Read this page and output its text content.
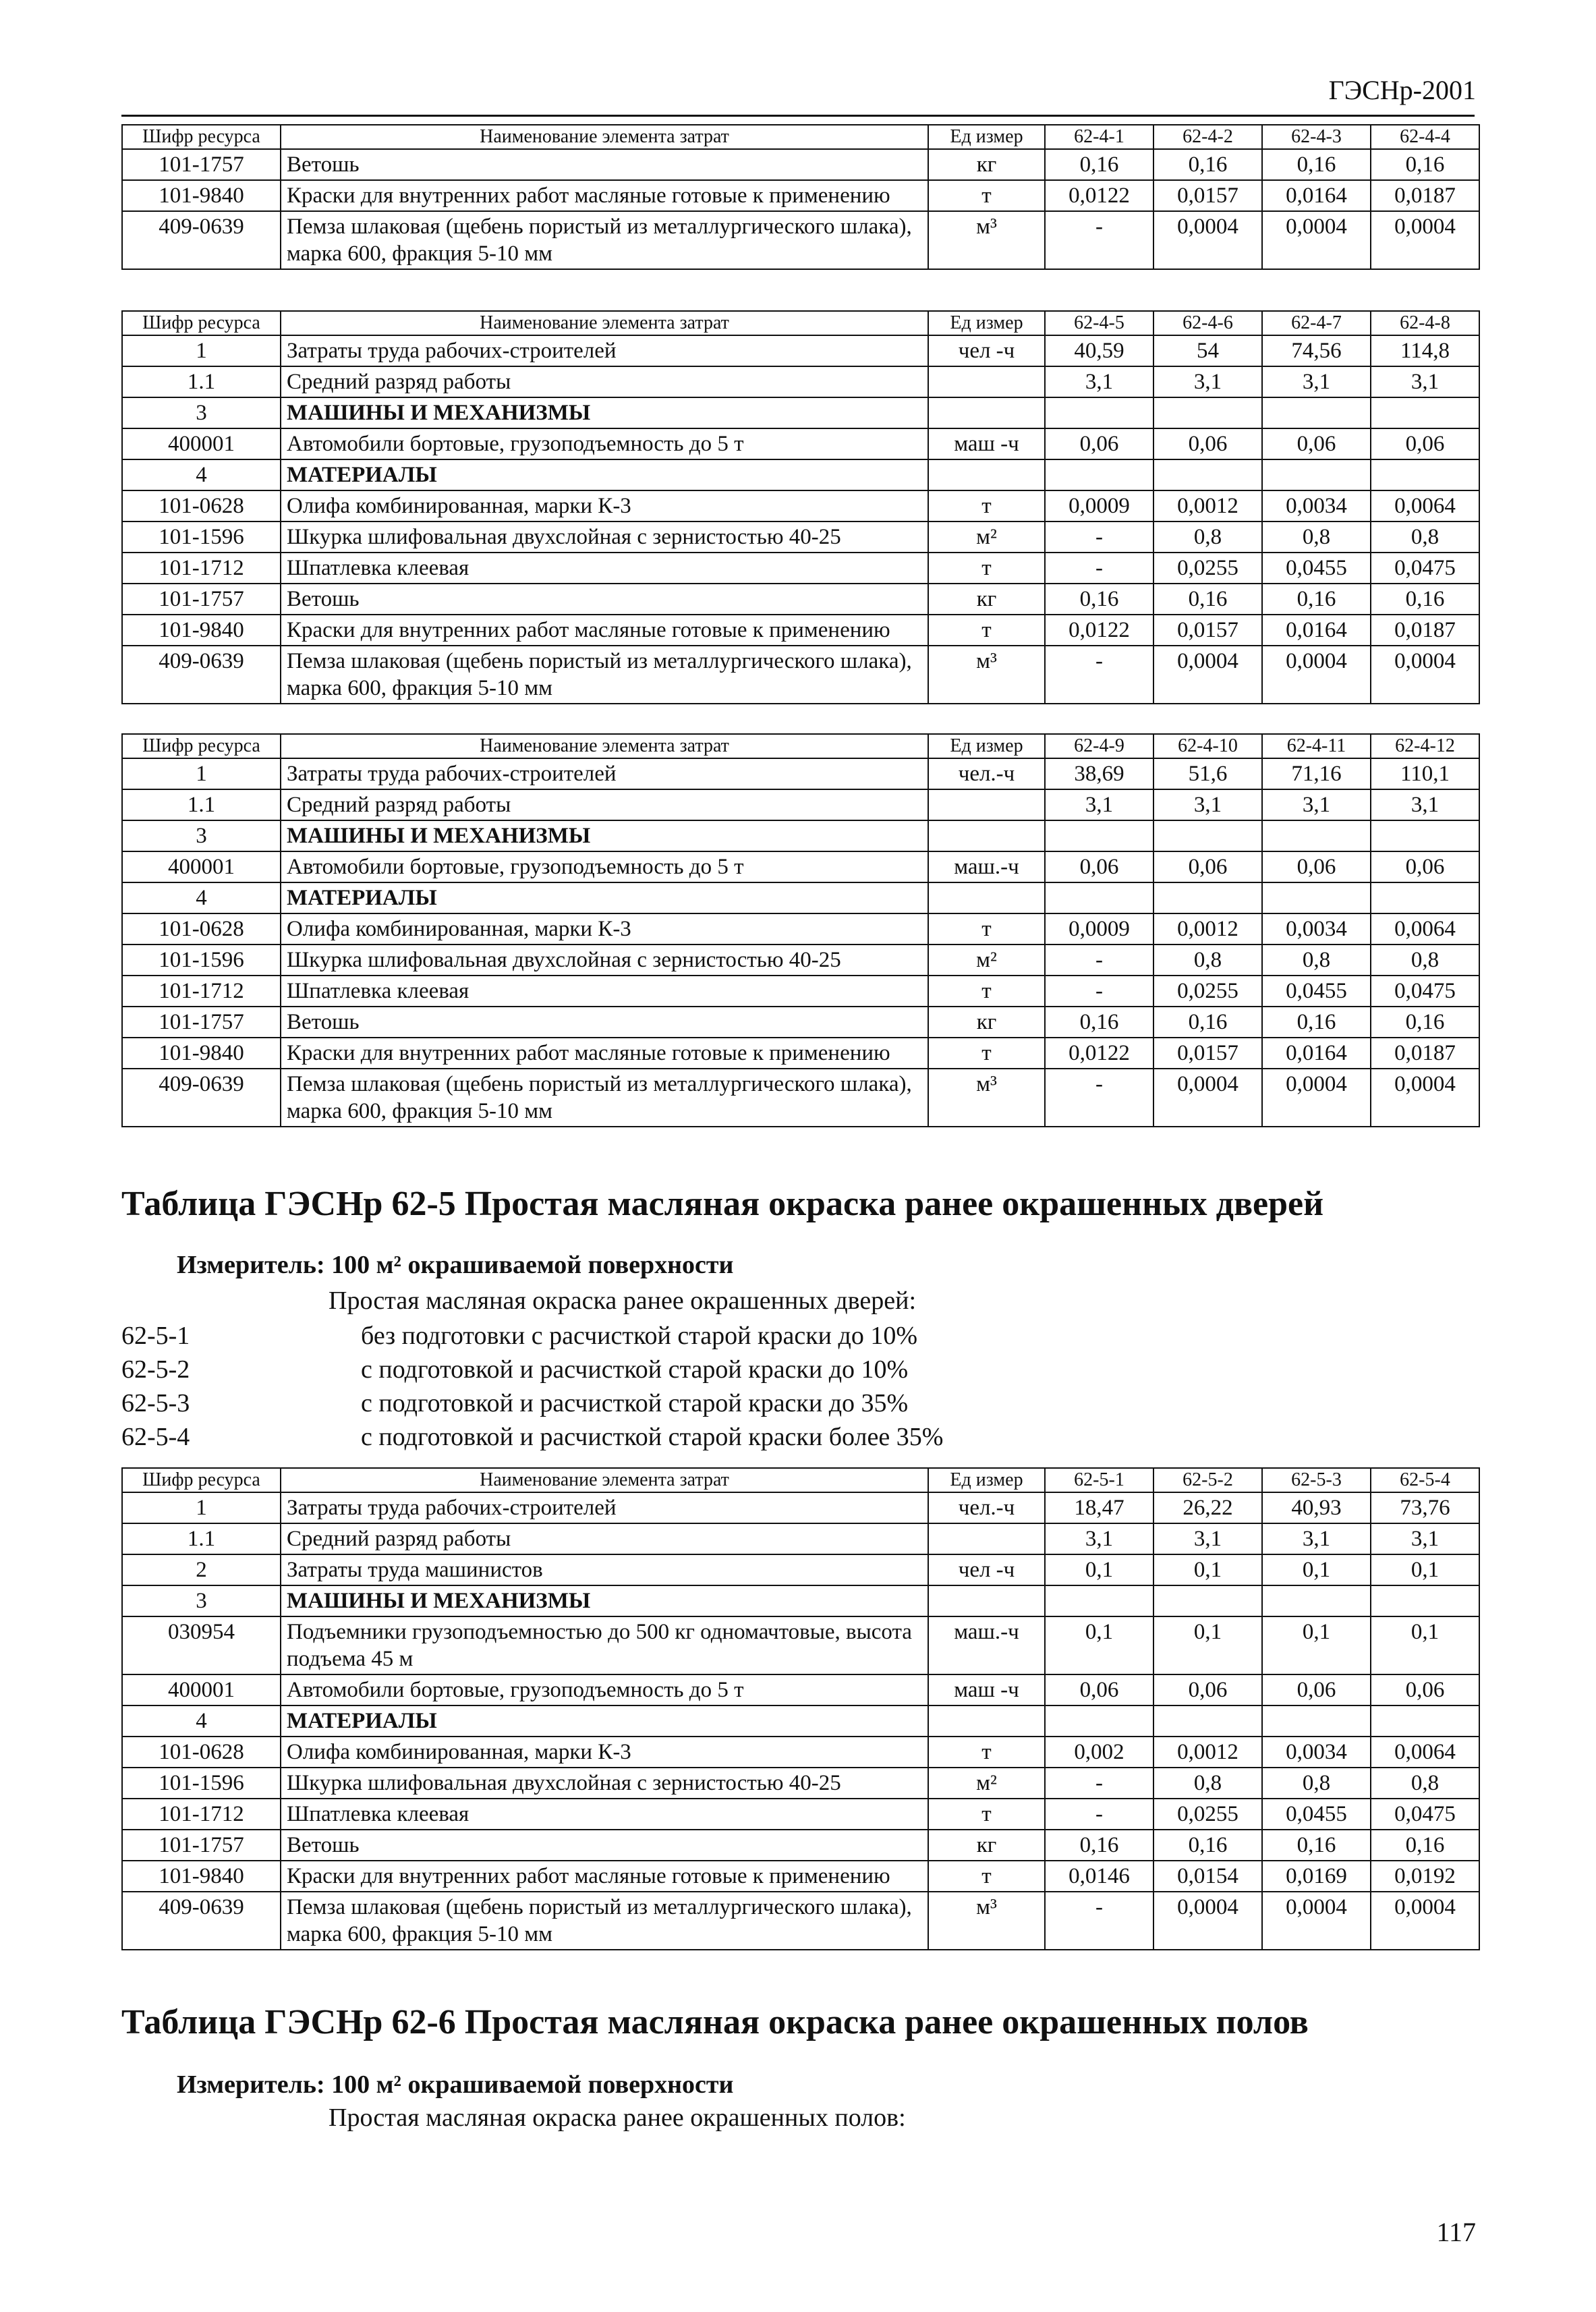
ГЭСНр-2001
Шифр ресурса	Наименование элемента затрат	Ед измер	62-4-1	62-4-2	62-4-3	62-4-4
101-1757	Ветошь	кг	0,16	0,16	0,16	0,16
101-9840	Краски для внутренних работ масляные готовые к применению	т	0,0122	0,0157	0,0164	0,0187
409-0639	Пемза шлаковая (щебень пористый из металлургического шлака), марка 600, фракция 5-10 мм	м³	-	0,0004	0,0004	0,0004
Шифр ресурса	Наименование элемента затрат	Ед измер	62-4-5	62-4-6	62-4-7	62-4-8
1	Затраты труда рабочих-строителей	чел -ч	40,59	54	74,56	114,8
1.1	Средний разряд работы		3,1	3,1	3,1	3,1
3	МАШИНЫ И МЕХАНИЗМЫ					
400001	Автомобили бортовые, грузоподъемность до 5 т	маш -ч	0,06	0,06	0,06	0,06
4	МАТЕРИАЛЫ					
101-0628	Олифа комбинированная, марки К-3	т	0,0009	0,0012	0,0034	0,0064
101-1596	Шкурка шлифовальная двухслойная с зернистостью 40-25	м²	-	0,8	0,8	0,8
101-1712	Шпатлевка клеевая	т	-	0,0255	0,0455	0,0475
101-1757	Ветошь	кг	0,16	0,16	0,16	0,16
101-9840	Краски для внутренних работ масляные готовые к применению	т	0,0122	0,0157	0,0164	0,0187
409-0639	Пемза шлаковая (щебень пористый из металлургического шлака), марка 600, фракция 5-10 мм	м³	-	0,0004	0,0004	0,0004
Шифр ресурса	Наименование элемента затрат	Ед измер	62-4-9	62-4-10	62-4-11	62-4-12
1	Затраты труда рабочих-строителей	чел.-ч	38,69	51,6	71,16	110,1
1.1	Средний разряд работы		3,1	3,1	3,1	3,1
3	МАШИНЫ И МЕХАНИЗМЫ					
400001	Автомобили бортовые, грузоподъемность до 5 т	маш.-ч	0,06	0,06	0,06	0,06
4	МАТЕРИАЛЫ					
101-0628	Олифа комбинированная, марки К-3	т	0,0009	0,0012	0,0034	0,0064
101-1596	Шкурка шлифовальная двухслойная с зернистостью 40-25	м²	-	0,8	0,8	0,8
101-1712	Шпатлевка клеевая	т	-	0,0255	0,0455	0,0475
101-1757	Ветошь	кг	0,16	0,16	0,16	0,16
101-9840	Краски для внутренних работ масляные готовые к применению	т	0,0122	0,0157	0,0164	0,0187
409-0639	Пемза шлаковая (щебень пористый из металлургического шлака), марка 600, фракция 5-10 мм	м³	-	0,0004	0,0004	0,0004
Таблица ГЭСНр 62-5 Простая масляная окраска ранее окрашенных дверей
Измеритель: 100 м² окрашиваемой поверхности
Простая масляная окраска ранее окрашенных дверей:
62-5-1	без подготовки с расчисткой старой краски до 10%
62-5-2	с подготовкой и расчисткой старой краски до 10%
62-5-3	с подготовкой и расчисткой старой краски до 35%
62-5-4	с подготовкой и расчисткой старой краски более 35%
Шифр ресурса	Наименование элемента затрат	Ед измер	62-5-1	62-5-2	62-5-3	62-5-4
1	Затраты труда рабочих-строителей	чел.-ч	18,47	26,22	40,93	73,76
1.1	Средний разряд работы		3,1	3,1	3,1	3,1
2	Затраты труда машинистов	чел -ч	0,1	0,1	0,1	0,1
3	МАШИНЫ И МЕХАНИЗМЫ					
030954	Подъемники грузоподъемностью до 500 кг одномачтовые, высота подъема 45 м	маш.-ч	0,1	0,1	0,1	0,1
400001	Автомобили бортовые, грузоподъемность до 5 т	маш -ч	0,06	0,06	0,06	0,06
4	МАТЕРИАЛЫ					
101-0628	Олифа комбинированная, марки К-3	т	0,002	0,0012	0,0034	0,0064
101-1596	Шкурка шлифовальная двухслойная с зернистостью 40-25	м²	-	0,8	0,8	0,8
101-1712	Шпатлевка клеевая	т	-	0,0255	0,0455	0,0475
101-1757	Ветошь	кг	0,16	0,16	0,16	0,16
101-9840	Краски для внутренних работ масляные готовые к применению	т	0,0146	0,0154	0,0169	0,0192
409-0639	Пемза шлаковая (щебень пористый из металлургического шлака), марка 600, фракция 5-10 мм	м³	-	0,0004	0,0004	0,0004
Таблица ГЭСНр 62-6 Простая масляная окраска ранее окрашенных полов
Измеритель: 100 м² окрашиваемой поверхности
Простая масляная окраска ранее окрашенных полов:
117
